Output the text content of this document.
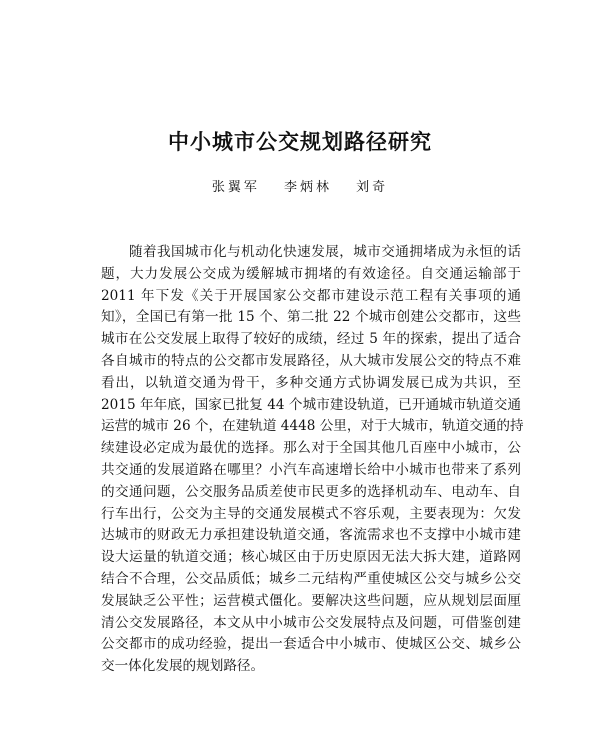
中小城市公交规划路径研究
张翼军 李炳林 刘奇
随着我国城市化与机动化快速发展，城市交通拥堵成为永恒的话
题，大力发展公交成为缓解城市拥堵的有效途径。自交通运输部于
2011 年下发《关于开展国家公交都市建设示范工程有关事项的通
知》，全国已有第一批 15 个、第二批 22 个城市创建公交都市，这些
城市在公交发展上取得了较好的成绩，经过 5 年的探索，提出了适合
各自城市的特点的公交都市发展路径，从大城市发展公交的特点不难
看出，以轨道交通为骨干，多种交通方式协调发展已成为共识，至
2015 年年底，国家已批复 44 个城市建设轨道，已开通城市轨道交通
运营的城市 26 个，在建轨道 4448 公里，对于大城市，轨道交通的持
续建设必定成为最优的选择。那么对于全国其他几百座中小城市，公
共交通的发展道路在哪里？小汽车高速增长给中小城市也带来了系列
的交通问题，公交服务品质差使市民更多的选择机动车、电动车、自
行车出行，公交为主导的交通发展模式不容乐观，主要表现为：欠发
达城市的财政无力承担建设轨道交通，客流需求也不支撑中小城市建
设大运量的轨道交通；核心城区由于历史原因无法大拆大建，道路网
结合不合理，公交品质低；城乡二元结构严重使城区公交与城乡公交
发展缺乏公平性；运营模式僵化。要解决这些问题，应从规划层面厘
清公交发展路径，本文从中小城市公交发展特点及问题，可借鉴创建
公交都市的成功经验，提出一套适合中小城市、使城区公交、城乡公
交一体化发展的规划路径。
